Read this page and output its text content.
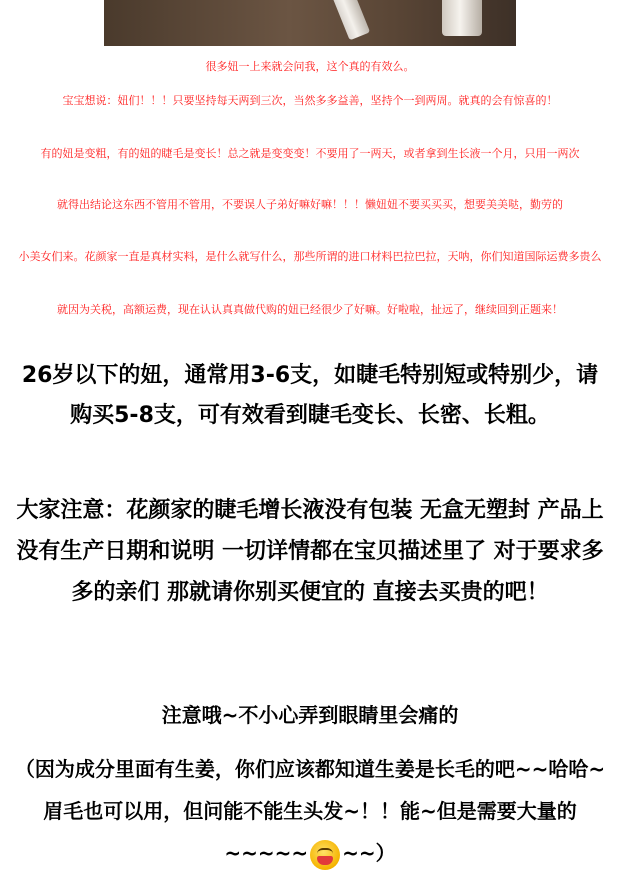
很多妞一上来就会问我，这个真的有效么。

宝宝想说：妞们！！！只要坚持每天两到三次，当然多多益善，坚持个一到两周。就真的会有惊喜的！

有的妞是变粗，有的妞的睫毛是变长！总之就是变变变！不要用了一两天，或者拿到生长液一个月，只用一两次

就得出结论这东西不管用不管用，不要误人子弟好嘛好嘛！！！懒妞妞不要买买买，想要美美哒，勤劳的

小美女们来。花颜家一直是真材实料，是什么就写什么，那些所谓的进口材料巴拉巴拉，天呐，你们知道国际运费多贵么

就因为关税，高额运费，现在认认真真做代购的妞已经很少了好嘛。好啦啦，扯远了，继续回到正题来！

26岁以下的妞，通常用3-6支，如睫毛特别短或特别少，请购买5-8支，可有效看到睫毛变长、长密、长粗。

大家注意：花颜家的睫毛增长液没有包装 无盒无塑封 产品上没有生产日期和说明 一切详情都在宝贝描述里了 对于要求多多的亲们 那就请你别买便宜的 直接去买贵的吧！

注意哦~不小心弄到眼睛里会痛的

（因为成分里面有生姜，你们应该都知道生姜是长毛的吧~~哈哈~眉毛也可以用，但问能不能生头发~！！能~但是需要大量的~~~~~ ~~）
